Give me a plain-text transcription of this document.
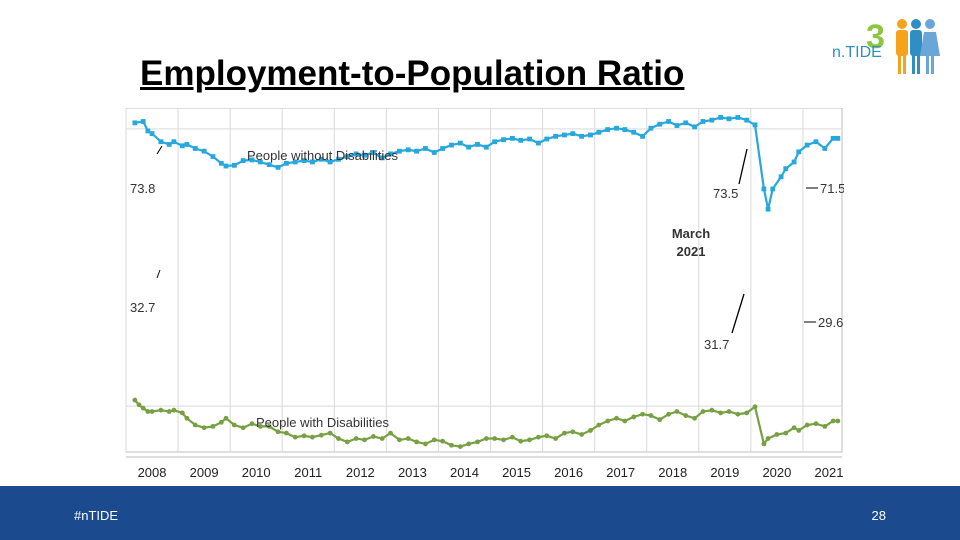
Employment-to-Population Ratio
3
n.TIDE
2008 2009 2010 2011 2012 2013 2014 2015 2016 2017 2018 2019 2020 2021
People without Disabilities
People with Disabilities
73.8
32.7
73.5
31.7
71.5
29.6
March
2021
#nTIDE	28
